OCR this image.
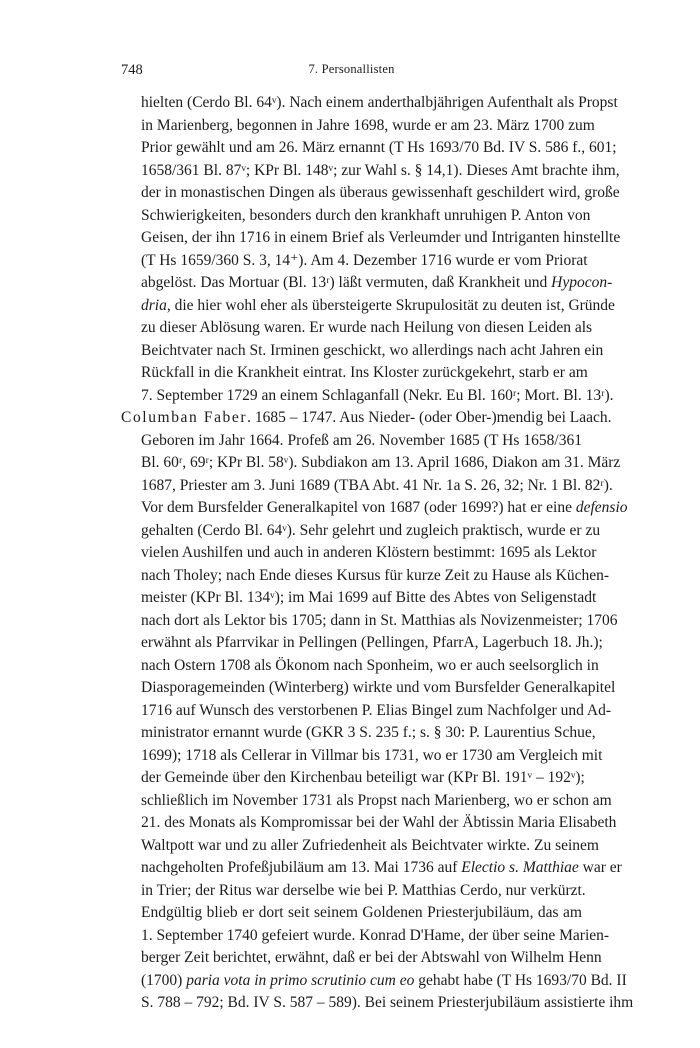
748	7. Personallisten
hielten (Cerdo Bl. 64ᵛ). Nach einem anderthalbjährigen Aufenthalt als Propst
in Marienberg, begonnen in Jahre 1698, wurde er am 23. März 1700 zum
Prior gewählt und am 26. März ernannt (T Hs 1693/70 Bd. IV S. 586 f., 601;
1658/361 Bl. 87ᵛ; KPr Bl. 148ᵛ; zur Wahl s. § 14,1). Dieses Amt brachte ihm,
der in monastischen Dingen als überaus gewissenhaft geschildert wird, große
Schwierigkeiten, besonders durch den krankhaft unruhigen P. Anton von
Geisen, der ihn 1716 in einem Brief als Verleumder und Intriganten hinstellte
(T Hs 1659/360 S. 3, 14⁺). Am 4. Dezember 1716 wurde er vom Priorat
abgelöst. Das Mortuar (Bl. 13ʳ) läßt vermuten, daß Krankheit und Hypocon-
dria, die hier wohl eher als übersteigerte Skrupulosität zu deuten ist, Gründe
zu dieser Ablösung waren. Er wurde nach Heilung von diesen Leiden als
Beichtvater nach St. Irminen geschickt, wo allerdings nach acht Jahren ein
Rückfall in die Krankheit eintrat. Ins Kloster zurückgekehrt, starb er am
7. September 1729 an einem Schlaganfall (Nekr. Eu Bl. 160ʳ; Mort. Bl. 13ʳ).
Columban Faber. 1685 – 1747. Aus Nieder- (oder Ober-)mendig bei Laach.
Geboren im Jahr 1664. Profeß am 26. November 1685 (T Hs 1658/361
Bl. 60ʳ, 69ʳ; KPr Bl. 58ᵛ). Subdiakon am 13. April 1686, Diakon am 31. März
1687, Priester am 3. Juni 1689 (TBA Abt. 41 Nr. 1a S. 26, 32; Nr. 1 Bl. 82ʳ).
Vor dem Bursfelder Generalkapitel von 1687 (oder 1699?) hat er eine defensio
gehalten (Cerdo Bl. 64ᵛ). Sehr gelehrt und zugleich praktisch, wurde er zu
vielen Aushilfen und auch in anderen Klöstern bestimmt: 1695 als Lektor
nach Tholey; nach Ende dieses Kursus für kurze Zeit zu Hause als Küchen-
meister (KPr Bl. 134ᵛ); im Mai 1699 auf Bitte des Abtes von Seligenstadt
nach dort als Lektor bis 1705; dann in St. Matthias als Novizenmeister; 1706
erwähnt als Pfarrvikar in Pellingen (Pellingen, PfarrA, Lagerbuch 18. Jh.);
nach Ostern 1708 als Ökonom nach Sponheim, wo er auch seelsorglich in
Diasporagemeinden (Winterberg) wirkte und vom Bursfelder Generalkapitel
1716 auf Wunsch des verstorbenen P. Elias Bingel zum Nachfolger und Ad-
ministrator ernannt wurde (GKR 3 S. 235 f.; s. § 30: P. Laurentius Schue,
1699); 1718 als Cellerar in Villmar bis 1731, wo er 1730 am Vergleich mit
der Gemeinde über den Kirchenbau beteiligt war (KPr Bl. 191ᵛ – 192ᵛ);
schließlich im November 1731 als Propst nach Marienberg, wo er schon am
21. des Monats als Kompromissar bei der Wahl der Äbtissin Maria Elisabeth
Waltpott war und zu aller Zufriedenheit als Beichtvater wirkte. Zu seinem
nachgeholten Profeßjubiläum am 13. Mai 1736 auf Electio s. Matthiae war er
in Trier; der Ritus war derselbe wie bei P. Matthias Cerdo, nur verkürzt.
Endgültig blieb er dort seit seinem Goldenen Priesterjubiläum, das am
1. September 1740 gefeiert wurde. Konrad D'Hame, der über seine Marien-
berger Zeit berichtet, erwähnt, daß er bei der Abtswahl von Wilhelm Henn
(1700) paria vota in primo scrutinio cum eo gehabt habe (T Hs 1693/70 Bd. II
S. 788 – 792; Bd. IV S. 587 – 589). Bei seinem Priesterjubiläum assistierte ihm
